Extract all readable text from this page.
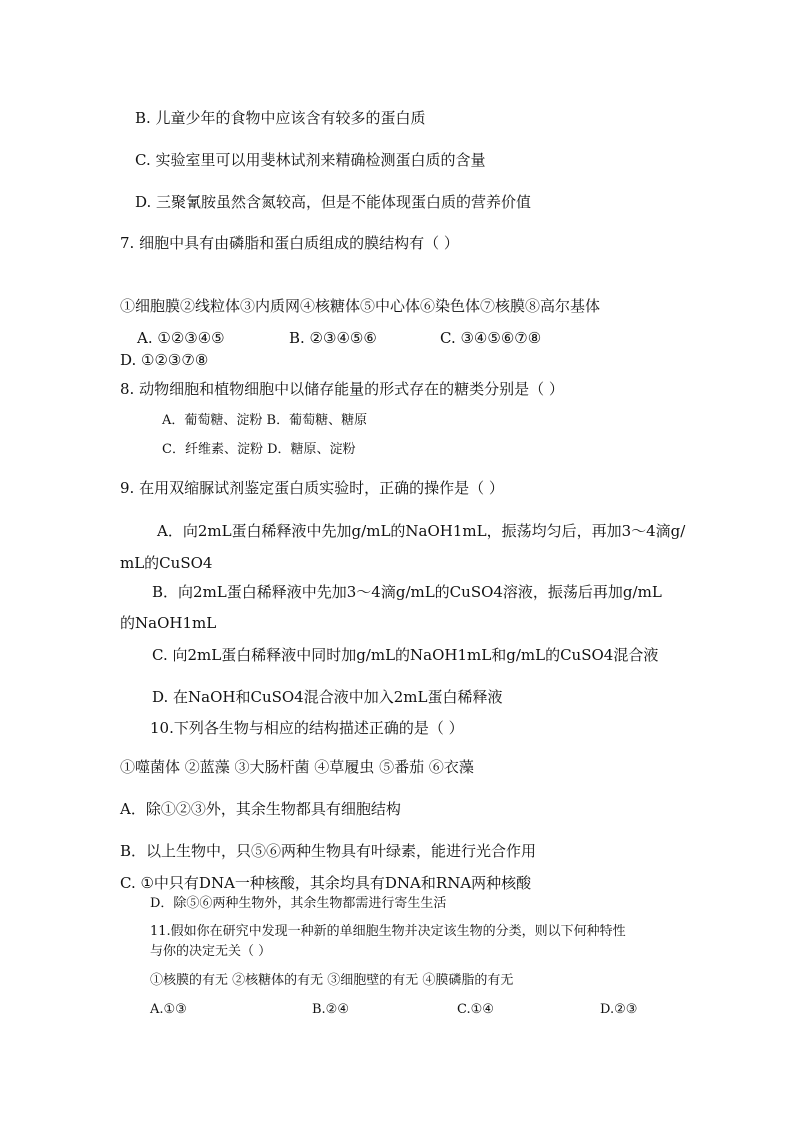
B. 儿童少年的食物中应该含有较多的蛋白质

C. 实验室里可以用斐林试剂来精确检测蛋白质的含量

D. 三聚氰胺虽然含氮较高，但是不能体现蛋白质的营养价值

7. 细胞中具有由磷脂和蛋白质组成的膜结构有（ ）

①细胞膜②线粒体③内质网④核糖体⑤中心体⑥染色体⑦核膜⑧高尔基体

A. ①②③④⑤	B. ②③④⑤⑥	C. ③④⑤⑥⑦⑧
D. ①②③⑦⑧

8. 动物细胞和植物细胞中以储存能量的形式存在的糖类分别是（ ）

A．葡萄糖、淀粉 B．葡萄糖、糖原

C．纤维素、淀粉 D．糖原、淀粉

9. 在用双缩脲试剂鉴定蛋白质实验时，正确的操作是（ ）

A．向2mL蛋白稀释液中先加g/mL的NaOH1mL，振荡均匀后，再加3～4滴g/

mL的CuSO4

B．向2mL蛋白稀释液中先加3～4滴g/mL的CuSO4溶液，振荡后再加g/mL

的NaOH1mL

C. 向2mL蛋白稀释液中同时加g/mL的NaOH1mL和g/mL的CuSO4混合液

D. 在NaOH和CuSO4混合液中加入2mL蛋白稀释液

10.下列各生物与相应的结构描述正确的是（ ）

①噬菌体 ②蓝藻 ③大肠杆菌 ④草履虫 ⑤番茄 ⑥衣藻

A．除①②③外，其余生物都具有细胞结构

B．以上生物中，只⑤⑥两种生物具有叶绿素，能进行光合作用

C. ①中只有DNA一种核酸，其余均具有DNA和RNA两种核酸

D．除⑤⑥两种生物外，其余生物都需进行寄生生活

11.假如你在研究中发现一种新的单细胞生物并决定该生物的分类，则以下何种特性

与你的决定无关（ ）

①核膜的有无 ②核糖体的有无 ③细胞壁的有无 ④膜磷脂的有无

A.①③	B.②④	C.①④	D.②③
